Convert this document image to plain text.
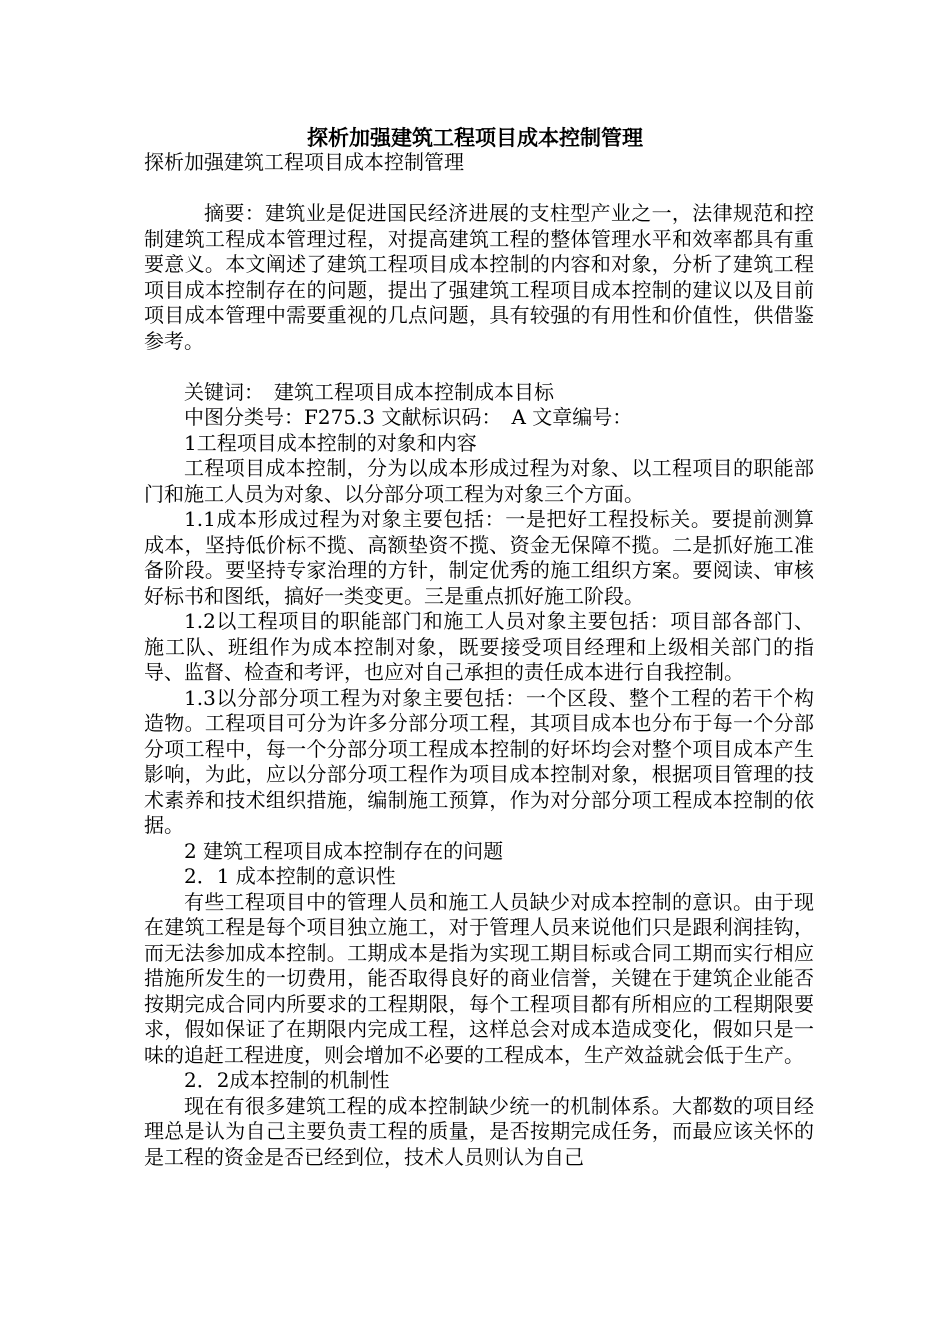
探析加强建筑工程项目成本控制管理

探析加强建筑工程项目成本控制管理

摘要：建筑业是促进国民经济进展的支柱型产业之一，法律规范和控制建筑工程成本管理过程，对提高建筑工程的整体管理水平和效率都具有重要意义。本文阐述了建筑工程项目成本控制的内容和对象，分析了建筑工程项目成本控制存在的问题，提出了强建筑工程项目成本控制的建议以及目前项目成本管理中需要重视的几点问题，具有较强的有用性和价值性，供借鉴参考。

关键词：　建筑工程项目成本控制成本目标

中图分类号：F275.3 文献标识码：　A 文章编号：

1工程项目成本控制的对象和内容

工程项目成本控制，分为以成本形成过程为对象、以工程项目的职能部门和施工人员为对象、以分部分项工程为对象三个方面。

1.1成本形成过程为对象主要包括：一是把好工程投标关。要提前测算成本，坚持低价标不揽、高额垫资不揽、资金无保障不揽。二是抓好施工准备阶段。要坚持专家治理的方针，制定优秀的施工组织方案。要阅读、审核好标书和图纸，搞好一类变更。三是重点抓好施工阶段。

1.2以工程项目的职能部门和施工人员对象主要包括：项目部各部门、施工队、班组作为成本控制对象，既要接受项目经理和上级相关部门的指导、监督、检查和考评，也应对自己承担的责任成本进行自我控制。

1.3以分部分项工程为对象主要包括：一个区段、整个工程的若干个构造物。工程项目可分为许多分部分项工程，其项目成本也分布于每一个分部分项工程中，每一个分部分项工程成本控制的好坏均会对整个项目成本产生影响，为此，应以分部分项工程作为项目成本控制对象，根据项目管理的技术素养和技术组织措施，编制施工预算，作为对分部分项工程成本控制的依据。

2 建筑工程项目成本控制存在的问题

2．1 成本控制的意识性

有些工程项目中的管理人员和施工人员缺少对成本控制的意识。由于现在建筑工程是每个项目独立施工，对于管理人员来说他们只是跟利润挂钩，而无法参加成本控制。工期成本是指为实现工期目标或合同工期而实行相应措施所发生的一切费用，能否取得良好的商业信誉，关键在于建筑企业能否按期完成合同内所要求的工程期限，每个工程项目都有所相应的工程期限要求，假如保证了在期限内完成工程，这样总会对成本造成变化，假如只是一味的追赶工程进度，则会增加不必要的工程成本，生产效益就会低于生产。

2．2成本控制的机制性

现在有很多建筑工程的成本控制缺少统一的机制体系。大都数的项目经理总是认为自己主要负责工程的质量，是否按期完成任务，而最应该关怀的是工程的资金是否已经到位，技术人员则认为自己
